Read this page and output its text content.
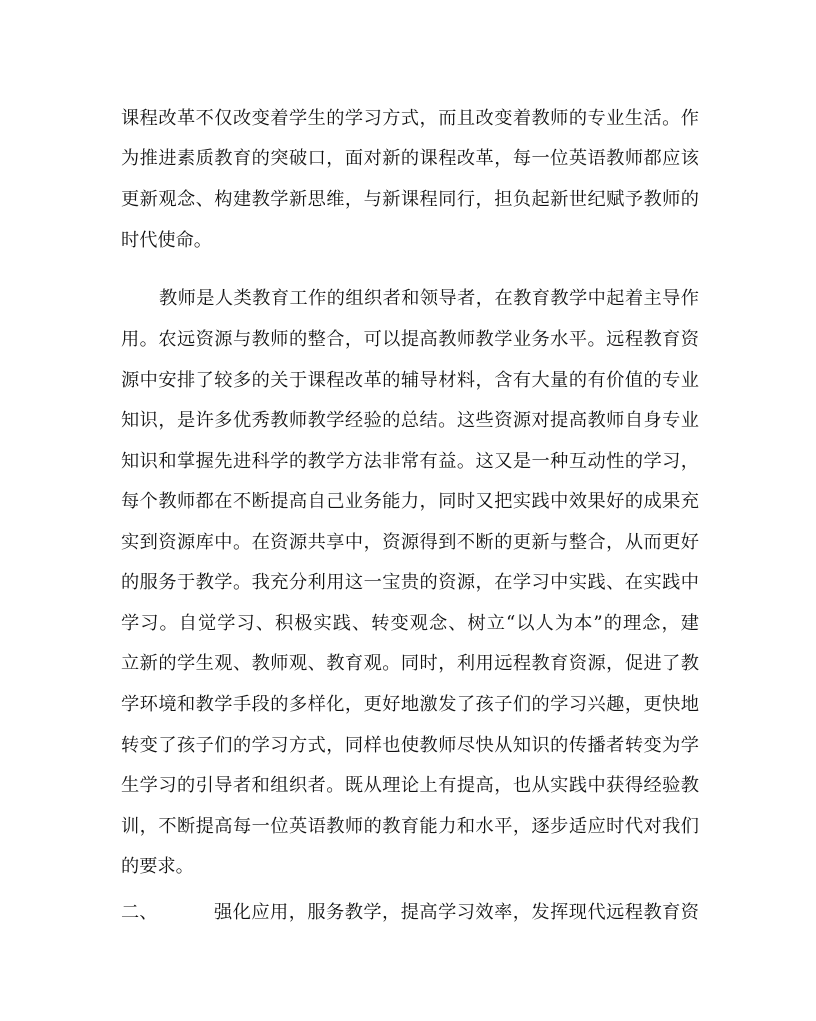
课程改革不仅改变着学生的学习方式，而且改变着教师的专业生活。作
为推进素质教育的突破口，面对新的课程改革，每一位英语教师都应该
更新观念、构建教学新思维，与新课程同行，担负起新世纪赋予教师的
时代使命。
教师是人类教育工作的组织者和领导者，在教育教学中起着主导作
用。农远资源与教师的整合，可以提高教师教学业务水平。远程教育资
源中安排了较多的关于课程改革的辅导材料，含有大量的有价值的专业
知识，是许多优秀教师教学经验的总结。这些资源对提高教师自身专业
知识和掌握先进科学的教学方法非常有益。这又是一种互动性的学习，
每个教师都在不断提高自己业务能力，同时又把实践中效果好的成果充
实到资源库中。在资源共享中，资源得到不断的更新与整合，从而更好
的服务于教学。我充分利用这一宝贵的资源，在学习中实践、在实践中
学习。自觉学习、积极实践、转变观念、树立“以人为本”的理念，建
立新的学生观、教师观、教育观。同时，利用远程教育资源，促进了教
学环境和教学手段的多样化，更好地激发了孩子们的学习兴趣，更快地
转变了孩子们的学习方式，同样也使教师尽快从知识的传播者转变为学
生学习的引导者和组织者。既从理论上有提高，也从实践中获得经验教
训，不断提高每一位英语教师的教育能力和水平，逐步适应时代对我们
的要求。
二、	强化应用，服务教学，提高学习效率，发挥现代远程教育资
